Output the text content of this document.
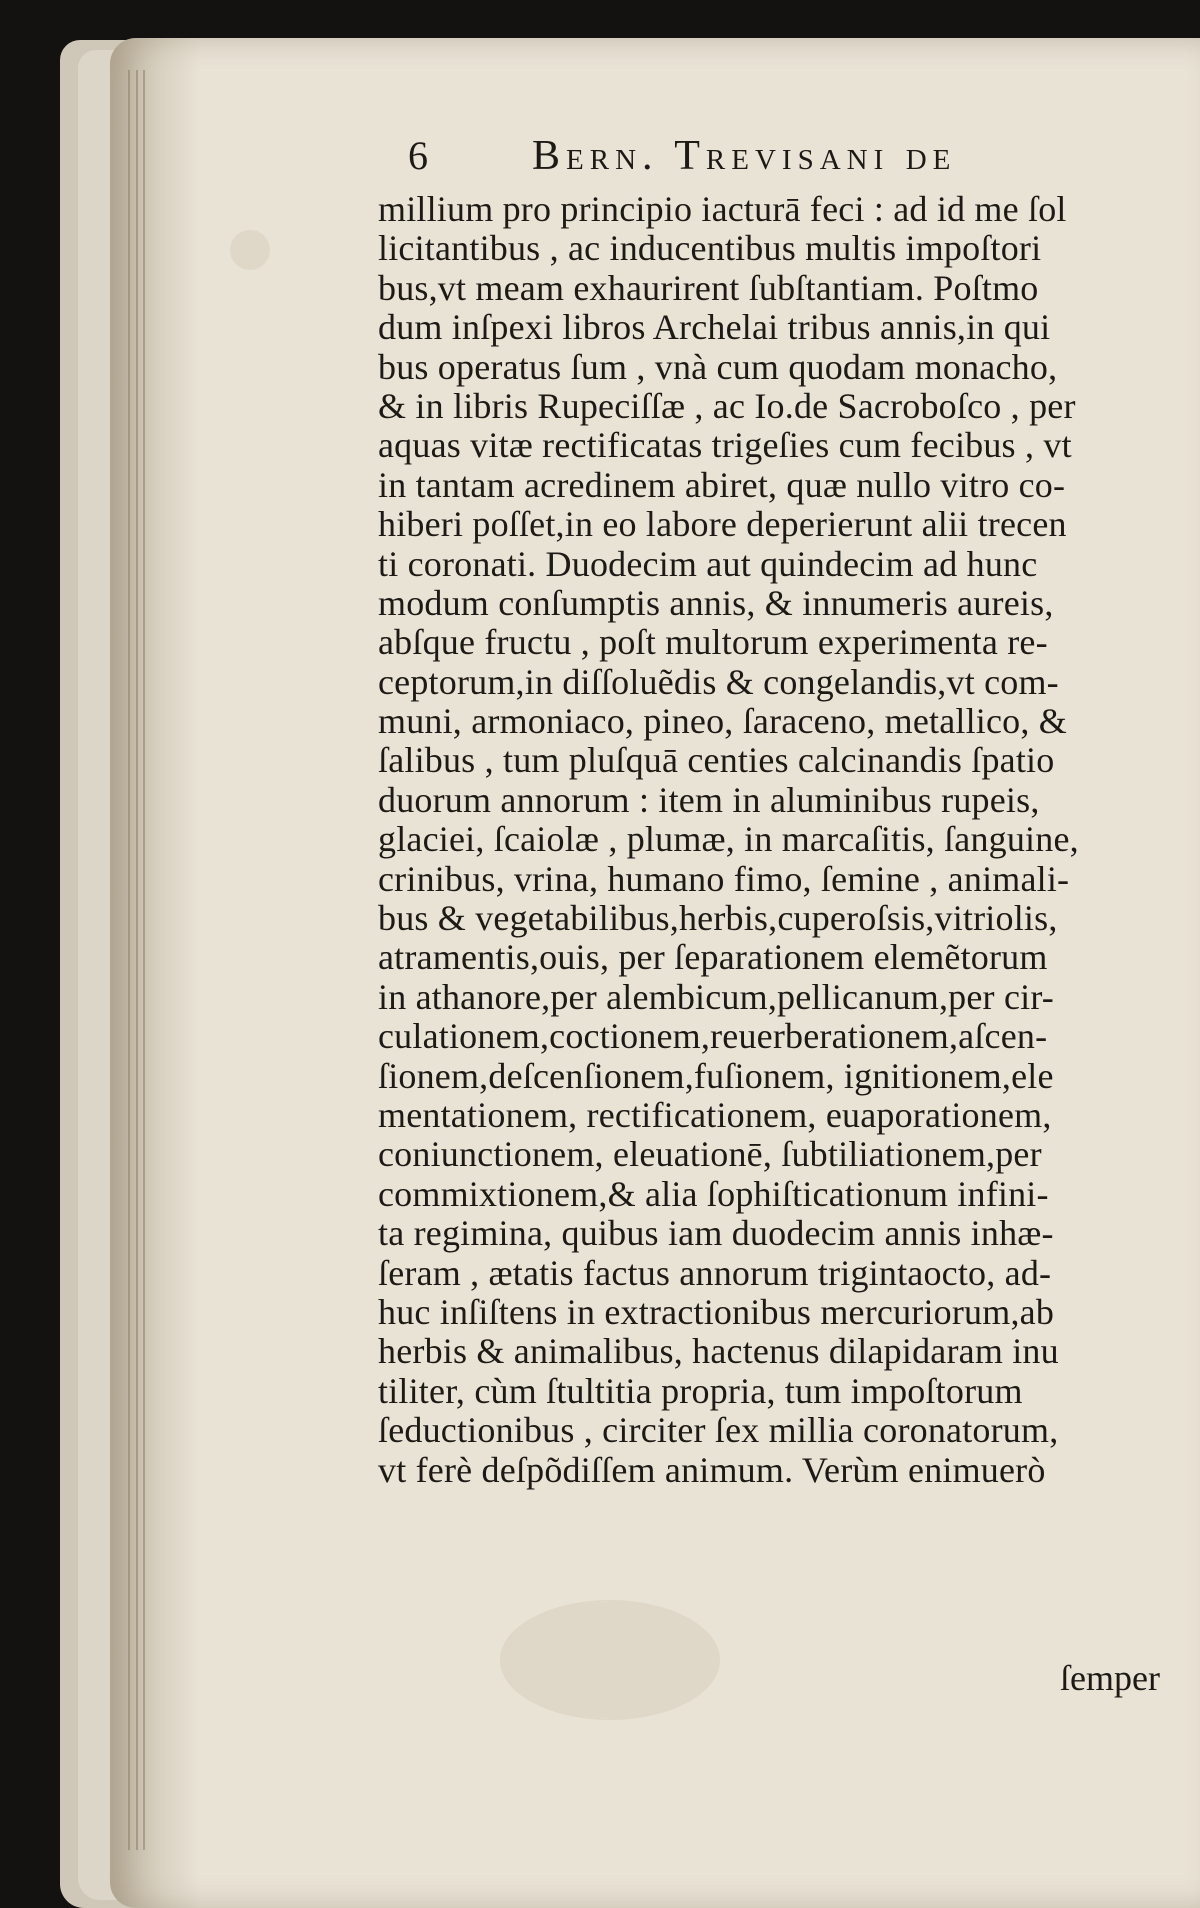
6 Bern. Trevisani de
millium pro principio iacturā feci : ad id me ſol
licitantibus , ac inducentibus multis impoſtori
bus,vt meam exhaurirent ſubſtantiam. Poſtmo
dum inſpexi libros Archelai tribus annis,in qui
bus operatus ſum , vnà cum quodam monacho,
& in libris Rupeciſſæ , ac Io.de Sacroboſco , per
aquas vitæ rectificatas trigeſies cum fecibus , vt
in tantam acredinem abiret, quæ nullo vitro co-
hiberi poſſet,in eo labore deperierunt alii trecen
ti coronati. Duodecim aut quindecim ad hunc
modum conſumptis annis, & innumeris aureis,
abſque fructu , poſt multorum experimenta re-
ceptorum,in diſſoluẽdis & congelandis,vt com-
muni, armoniaco, pineo, ſaraceno, metallico, &
ſalibus , tum pluſquā centies calcinandis ſpatio
duorum annorum : item in aluminibus rupeis,
glaciei, ſcaiolæ , plumæ, in marcaſitis, ſanguine,
crinibus, vrina, humano fimo, ſemine , animali-
bus & vegetabilibus,herbis,cuperoſsis,vitriolis,
atramentis,ouis, per ſeparationem elemẽtorum
in athanore,per alembicum,pellicanum,per cir-
culationem,coctionem,reuerberationem,aſcen-
ſionem,deſcenſionem,fuſionem, ignitionem,ele
mentationem, rectificationem, euaporationem,
coniunctionem, eleuationē, ſubtiliationem,per
commixtionem,& alia ſophiſticationum infini-
ta regimina, quibus iam duodecim annis inhæ-
ſeram , ætatis factus annorum trigintaocto, ad-
huc inſiſtens in extractionibus mercuriorum,ab
herbis & animalibus, hactenus dilapidaram inu
tiliter, cùm ſtultitia propria, tum impoſtorum
ſeductionibus , circiter ſex millia coronatorum,
vt ferè deſpõdiſſem animum. Verùm enimuerò
ſemper
